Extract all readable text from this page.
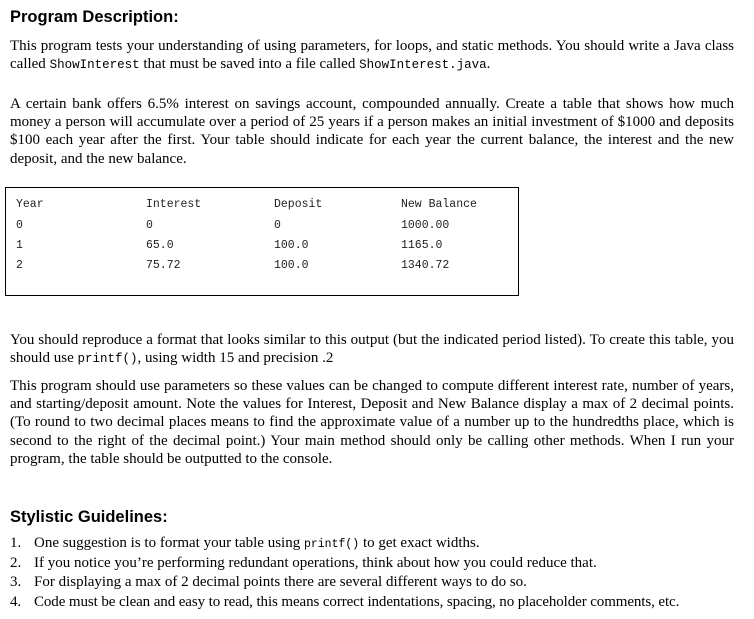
Program Description:
This program tests your understanding of using parameters, for loops, and static methods. You should write a Java class called ShowInterest that must be saved into a file called ShowInterest.java.
A certain bank offers 6.5% interest on savings account, compounded annually. Create a table that shows how much money a person will accumulate over a period of 25 years if a person makes an initial investment of $1000 and deposits $100 each year after the first. Your table should indicate for each year the current balance, the interest and the new deposit, and the new balance.
Year	Interest	Deposit	New Balance
0	0	0	1000.00
1	65.0	100.0	1165.0
2	75.72	100.0	1340.72
You should reproduce a format that looks similar to this output (but the indicated period listed). To create this table, you should use printf(), using width 15 and precision .2
This program should use parameters so these values can be changed to compute different interest rate, number of years, and starting/deposit amount. Note the values for Interest, Deposit and New Balance display a max of 2 decimal points. (To round to two decimal places means to find the approximate value of a number up to the hundredths place, which is second to the right of the decimal point.) Your main method should only be calling other methods. When I run your program, the table should be outputted to the console.
Stylistic Guidelines:
1. One suggestion is to format your table using printf() to get exact widths.
2. If you notice you’re performing redundant operations, think about how you could reduce that.
3. For displaying a max of 2 decimal points there are several different ways to do so.
4. Code must be clean and easy to read, this means correct indentations, spacing, no placeholder comments, etc.
